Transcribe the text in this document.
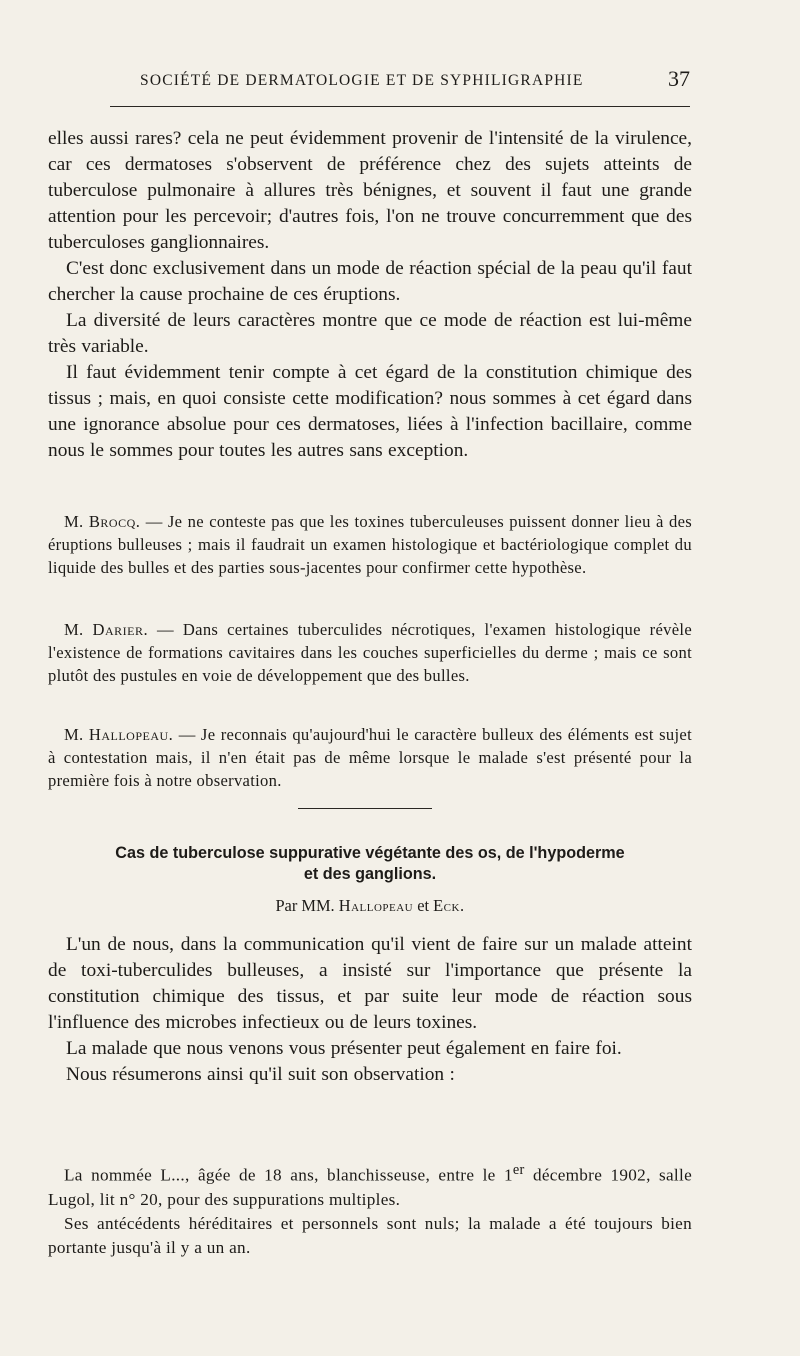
SOCIÉTÉ DE DERMATOLOGIE ET DE SYPHILIGRAPHIE	37

elles aussi rares? cela ne peut évidemment provenir de l'intensité de la virulence, car ces dermatoses s'observent de préférence chez des sujets atteints de tuberculose pulmonaire à allures très bénignes, et souvent il faut une grande attention pour les percevoir; d'autres fois, l'on ne trouve concurremment que des tuberculoses ganglionnaires.

C'est donc exclusivement dans un mode de réaction spécial de la peau qu'il faut chercher la cause prochaine de ces éruptions.

La diversité de leurs caractères montre que ce mode de réaction est lui-même très variable.

Il faut évidemment tenir compte à cet égard de la constitution chimique des tissus ; mais, en quoi consiste cette modification? nous sommes à cet égard dans une ignorance absolue pour ces dermatoses, liées à l'infection bacillaire, comme nous le sommes pour toutes les autres sans exception.

M. Brocq. — Je ne conteste pas que les toxines tuberculeuses puissent donner lieu à des éruptions bulleuses ; mais il faudrait un examen histologique et bactériologique complet du liquide des bulles et des parties sous-jacentes pour confirmer cette hypothèse.

M. Darier. — Dans certaines tuberculides nécrotiques, l'examen histologique révèle l'existence de formations cavitaires dans les couches superficielles du derme ; mais ce sont plutôt des pustules en voie de développement que des bulles.

M. Hallopeau. — Je reconnais qu'aujourd'hui le caractère bulleux des éléments est sujet à contestation mais, il n'en était pas de même lorsque le malade s'est présenté pour la première fois à notre observation.

Cas de tuberculose suppurative végétante des os, de l'hypoderme
et des ganglions.
Par MM. Hallopeau et Eck.

L'un de nous, dans la communication qu'il vient de faire sur un malade atteint de toxi-tuberculides bulleuses, a insisté sur l'importance que présente la constitution chimique des tissus, et par suite leur mode de réaction sous l'influence des microbes infectieux ou de leurs toxines.

La malade que nous venons vous présenter peut également en faire foi.

Nous résumerons ainsi qu'il suit son observation :

La nommée L..., âgée de 18 ans, blanchisseuse, entre le 1er décembre 1902, salle Lugol, lit n° 20, pour des suppurations multiples.

Ses antécédents héréditaires et personnels sont nuls; la malade a été toujours bien portante jusqu'à il y a un an.
